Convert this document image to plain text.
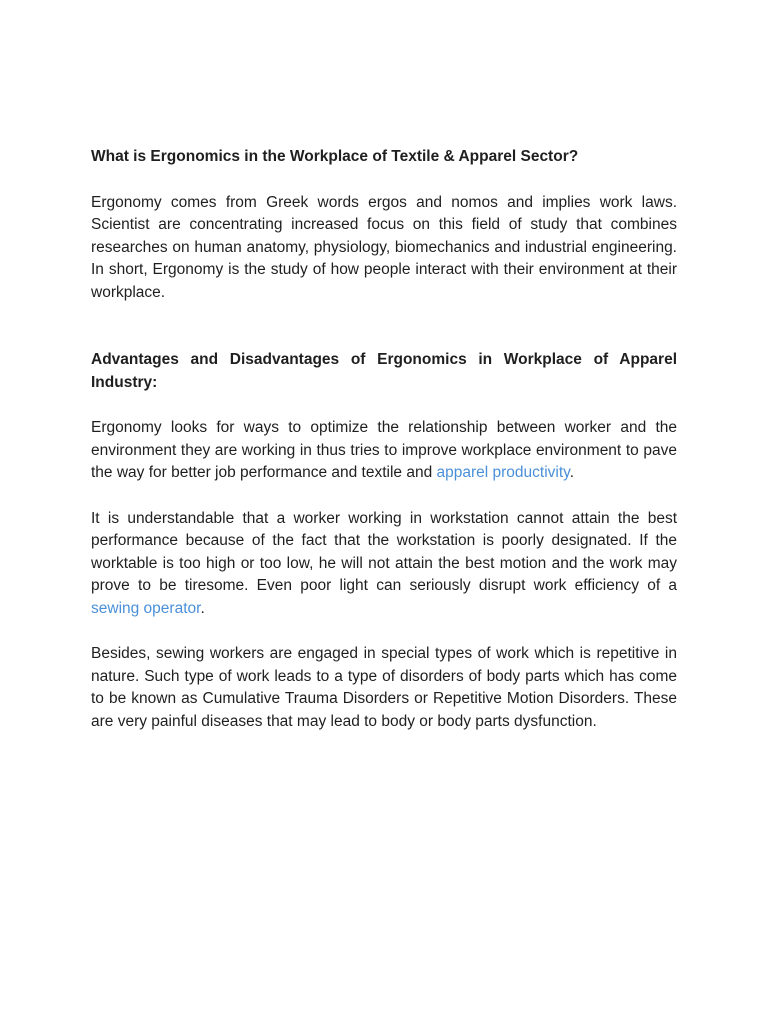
What is Ergonomics in the Workplace of Textile & Apparel Sector?

Ergonomy comes from Greek words ergos and nomos and implies work laws. Scientist are concentrating increased focus on this field of study that combines researches on human anatomy, physiology, biomechanics and industrial engineering. In short, Ergonomy is the study of how people interact with their environment at their workplace.

Advantages and Disadvantages of Ergonomics in Workplace of Apparel Industry:

Ergonomy looks for ways to optimize the relationship between worker and the environment they are working in thus tries to improve workplace environment to pave the way for better job performance and textile and apparel productivity.

It is understandable that a worker working in workstation cannot attain the best performance because of the fact that the workstation is poorly designated. If the worktable is too high or too low, he will not attain the best motion and the work may prove to be tiresome. Even poor light can seriously disrupt work efficiency of a sewing operator.

Besides, sewing workers are engaged in special types of work which is repetitive in nature. Such type of work leads to a type of disorders of body parts which has come to be known as Cumulative Trauma Disorders or Repetitive Motion Disorders. These are very painful diseases that may lead to body or body parts dysfunction.
